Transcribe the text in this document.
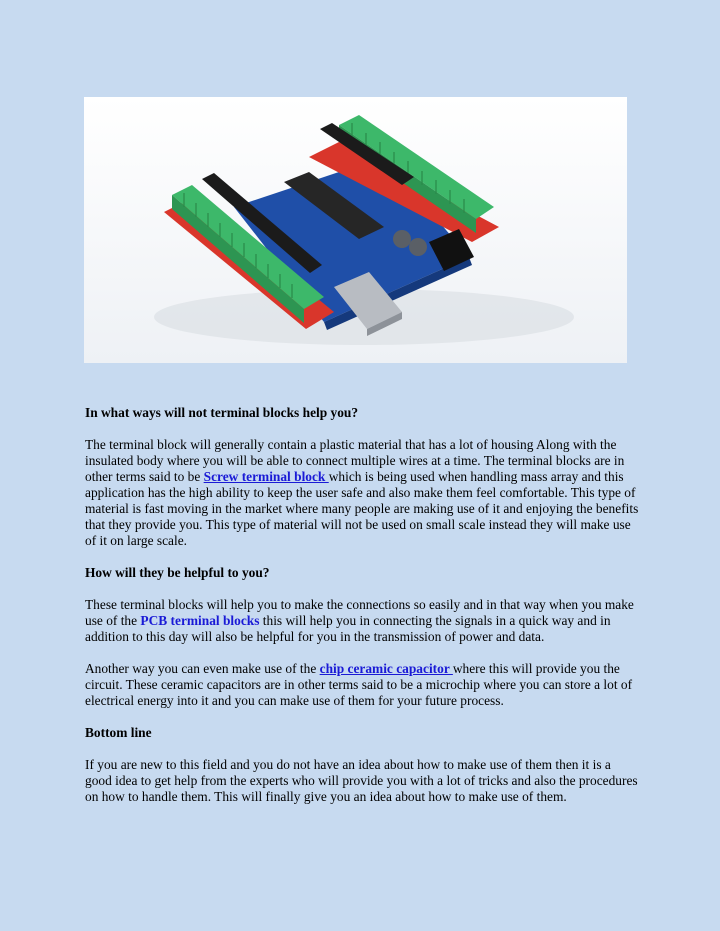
In what ways will not terminal blocks help you?

The terminal block will generally contain a plastic material that has a lot of housing Along with the insulated body where you will be able to connect multiple wires at a time. The terminal blocks are in other terms said to be Screw terminal block which is being used when handling mass array and this application has the high ability to keep the user safe and also make them feel comfortable. This type of material is fast moving in the market where many people are making use of it and enjoying the benefits that they provide you. This type of material will not be used on small scale instead they will make use of it on large scale.

How will they be helpful to you?

These terminal blocks will help you to make the connections so easily and in that way when you make use of the PCB terminal blocks this will help you in connecting the signals in a quick way and in addition to this day will also be helpful for you in the transmission of power and data.

Another way you can even make use of the chip ceramic capacitor where this will provide you the circuit. These ceramic capacitors are in other terms said to be a microchip where you can store a lot of electrical energy into it and you can make use of them for your future process.

Bottom line

If you are new to this field and you do not have an idea about how to make use of them then it is a good idea to get help from the experts who will provide you with a lot of tricks and also the procedures on how to handle them. This will finally give you an idea about how to make use of them.
